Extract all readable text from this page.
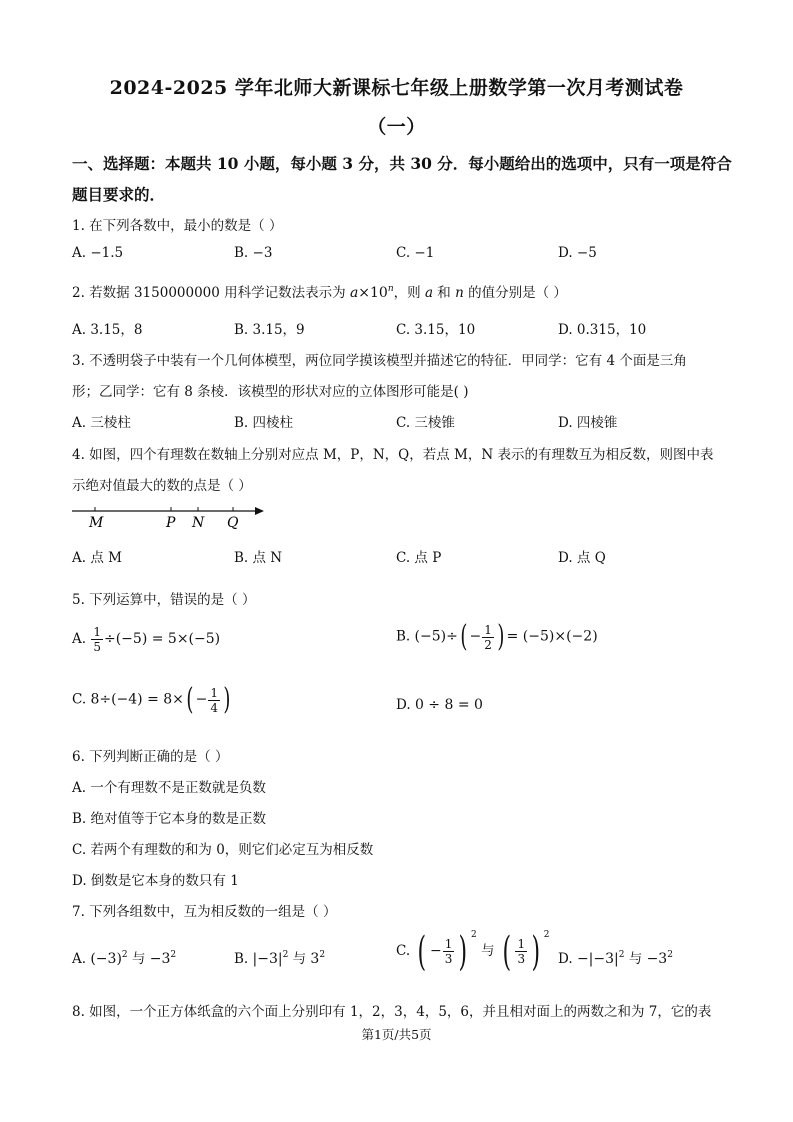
2024-2025 学年北师大新课标七年级上册数学第一次月考测试卷
（一）
一、选择题：本题共 10 小题，每小题 3 分，共 30 分．每小题给出的选项中，只有一项是符合
题目要求的．
1. 在下列各数中，最小的数是（ ）
A. −1.5	B. −3	C. −1	D. −5
2. 若数据 3150000000 用科学记数法表示为 $a\times 10^n$，则 a 和 n 的值分别是（ ）
A. 3.15，8	B. 3.15，9	C. 3.15，10	D. 0.315，10
3. 不透明袋子中装有一个几何体模型，两位同学摸该模型并描述它的特征．甲同学：它有 4 个面是三角
形；乙同学：它有 8 条棱．该模型的形状对应的立体图形可能是( )
A. 三棱柱	B. 四棱柱	C. 三棱锥	D. 四棱锥
4. 如图，四个有理数在数轴上分别对应点 M，P，N，Q，若点 M，N 表示的有理数互为相反数，则图中表
示绝对值最大的数的点是（ ）
M	P N Q
A. 点 M	B. 点 N	C. 点 P	D. 点 Q
5. 下列运算中，错误的是（ ）
A. $\frac{1}{5} \div(-5) = 5\times(-5)$	B. $(-5)\div( - \frac{1}{2}$ ) = (−5)×(−2)
C. $8\div(-4) = 8\times( - \frac{1}{4}$ )	D. 0 ÷ 8 = 0
6. 下列判断正确的是（ ）
A. 一个有理数不是正数就是负数
B. 绝对值等于它本身的数是正数
C. 若两个有理数的和为 0，则它们必定互为相反数
D. 倒数是它本身的数只有 1
7. 下列各组数中，互为相反数的一组是（ ）
A. $(-3)^2$ 与 $-3^2$	B. $|-3|^2$ 与 $3^2$	C. ( − $\frac{1}{3}$ ) $^2$ 与 ( $\frac{1}{3}$ ) $^2$
D. $-|-3|^2$ 与 $-3^2$
8. 如图，一个正方体纸盒的六个面上分别印有 1，2，3，4，5，6，并且相对面上的两数之和为 7，它的表
第1页/共5页
